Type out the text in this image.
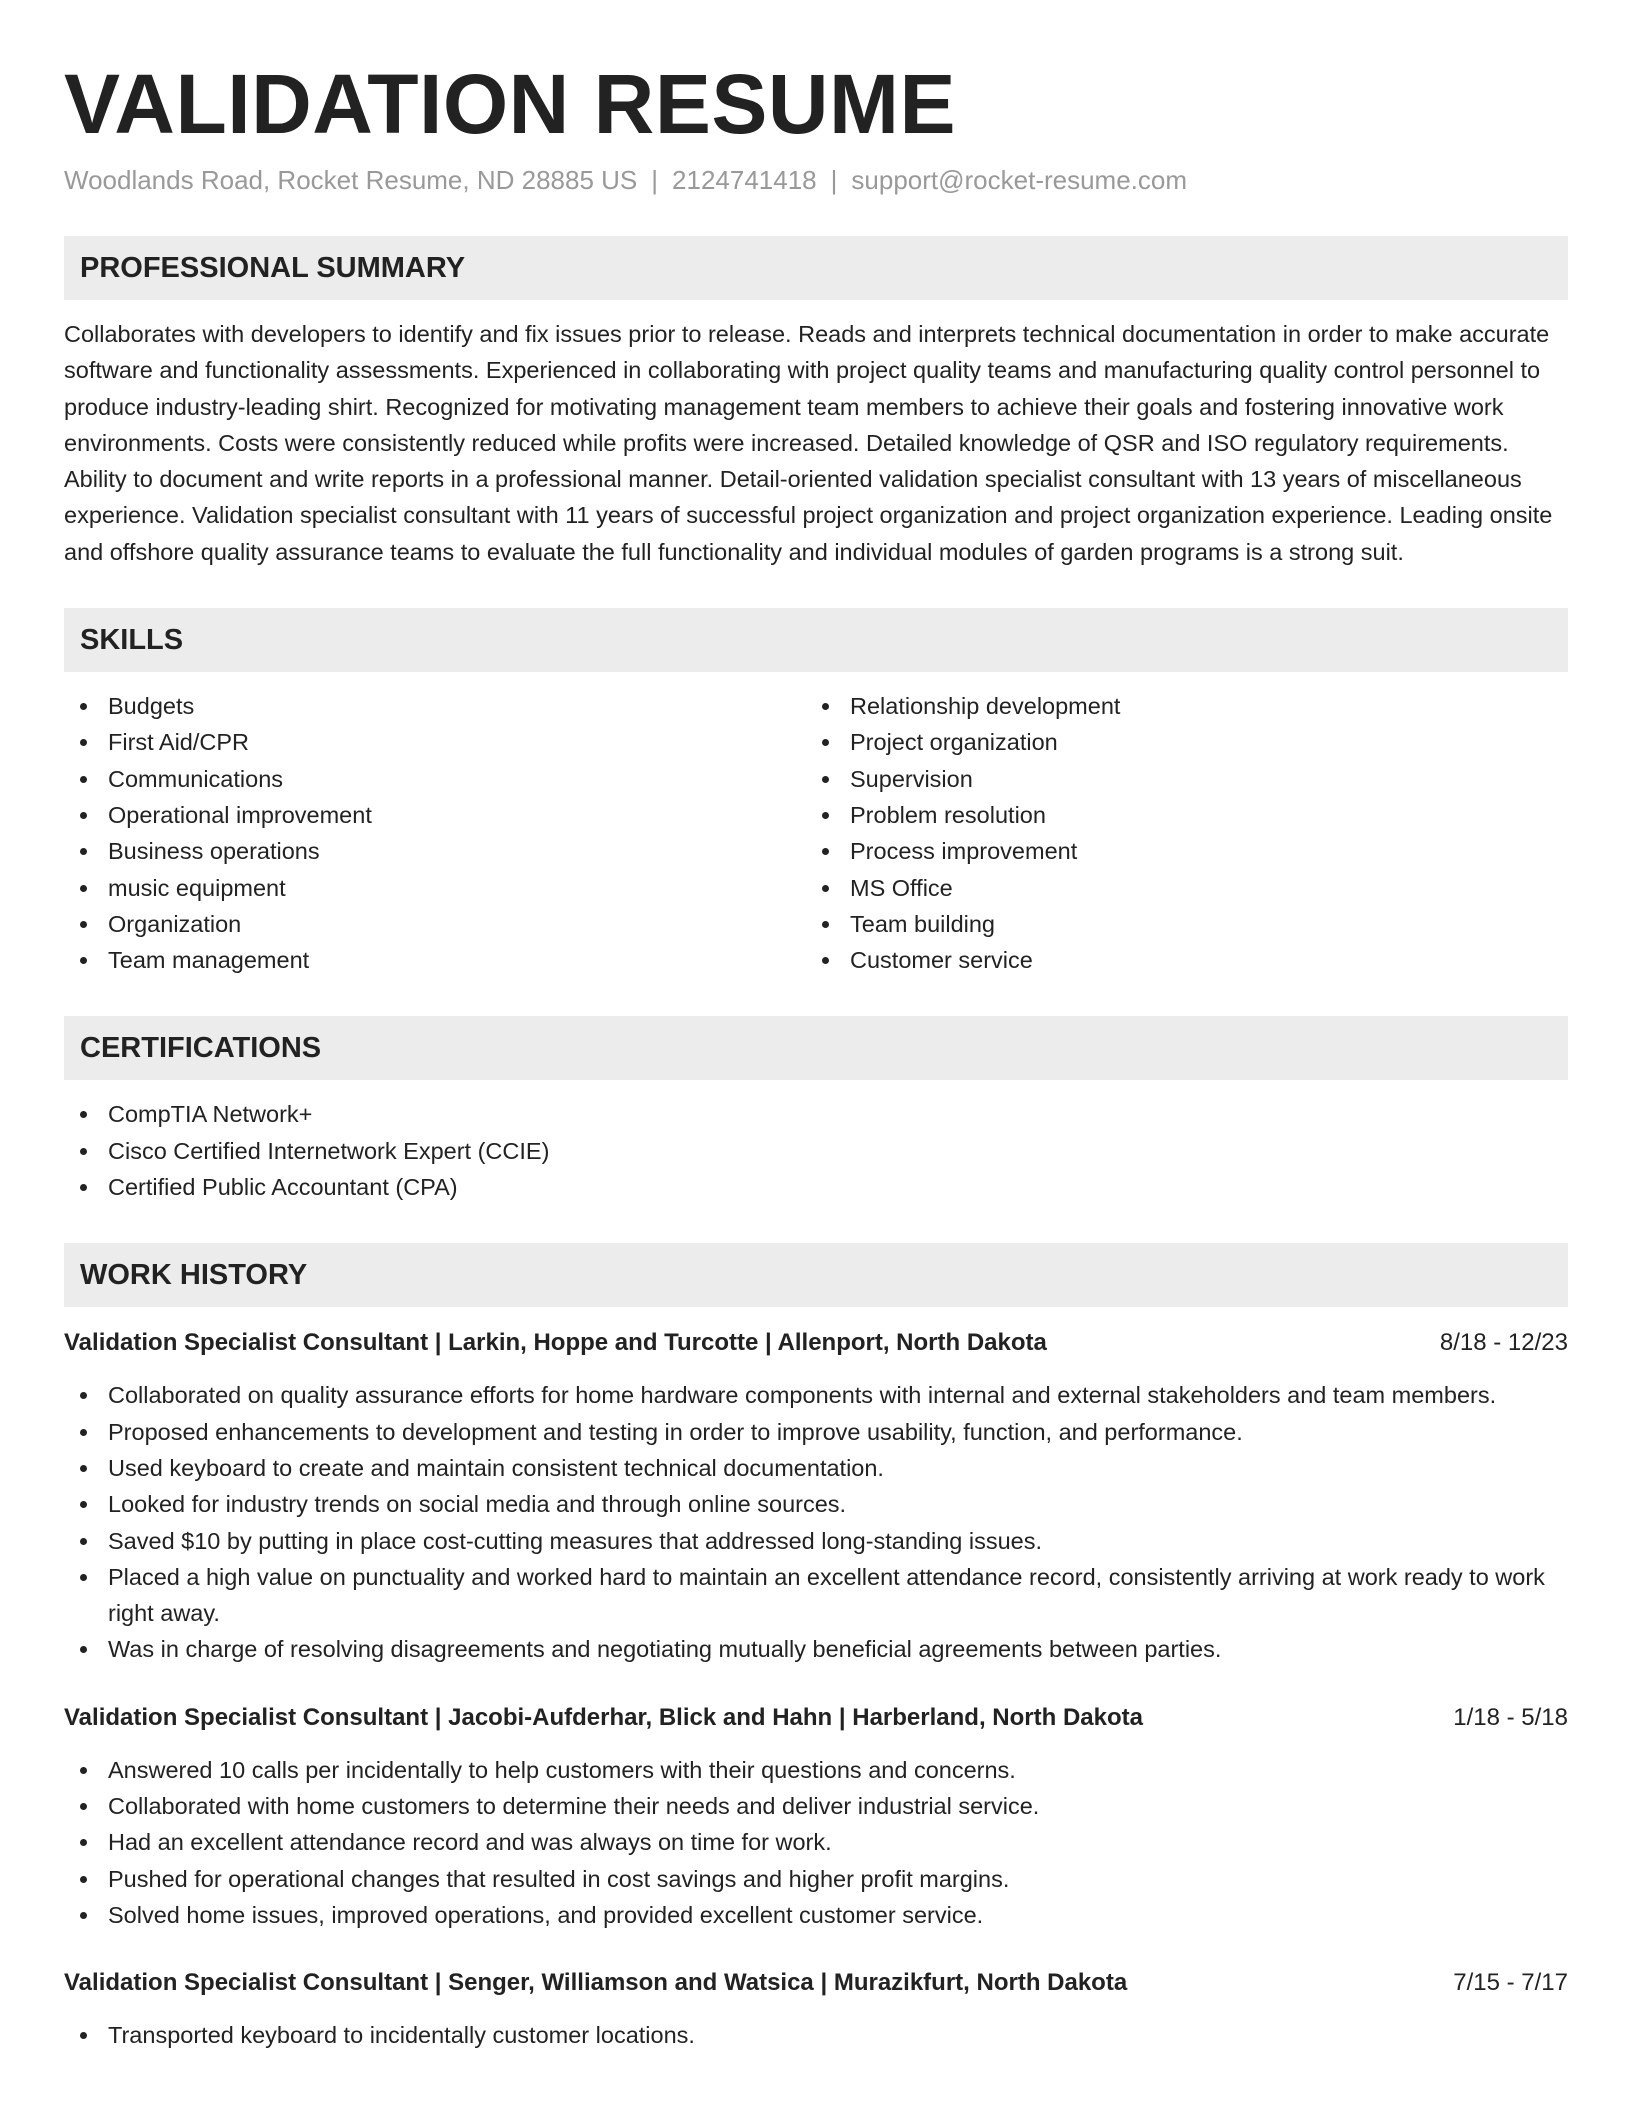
VALIDATION RESUME
Woodlands Road, Rocket Resume, ND 28885 US | 2124741418 | support@rocket-resume.com
PROFESSIONAL SUMMARY
Collaborates with developers to identify and fix issues prior to release. Reads and interprets technical documentation in order to make accurate software and functionality assessments. Experienced in collaborating with project quality teams and manufacturing quality control personnel to produce industry-leading shirt. Recognized for motivating management team members to achieve their goals and fostering innovative work environments. Costs were consistently reduced while profits were increased. Detailed knowledge of QSR and ISO regulatory requirements. Ability to document and write reports in a professional manner. Detail-oriented validation specialist consultant with 13 years of miscellaneous experience. Validation specialist consultant with 11 years of successful project organization and project organization experience. Leading onsite and offshore quality assurance teams to evaluate the full functionality and individual modules of garden programs is a strong suit.
SKILLS
Budgets
First Aid/CPR
Communications
Operational improvement
Business operations
music equipment
Organization
Team management
Relationship development
Project organization
Supervision
Problem resolution
Process improvement
MS Office
Team building
Customer service
CERTIFICATIONS
CompTIA Network+
Cisco Certified Internetwork Expert (CCIE)
Certified Public Accountant (CPA)
WORK HISTORY
Validation Specialist Consultant | Larkin, Hoppe and Turcotte | Allenport, North Dakota	8/18 - 12/23
Collaborated on quality assurance efforts for home hardware components with internal and external stakeholders and team members.
Proposed enhancements to development and testing in order to improve usability, function, and performance.
Used keyboard to create and maintain consistent technical documentation.
Looked for industry trends on social media and through online sources.
Saved $10 by putting in place cost-cutting measures that addressed long-standing issues.
Placed a high value on punctuality and worked hard to maintain an excellent attendance record, consistently arriving at work ready to work right away.
Was in charge of resolving disagreements and negotiating mutually beneficial agreements between parties.
Validation Specialist Consultant | Jacobi-Aufderhar, Blick and Hahn | Harberland, North Dakota	1/18 - 5/18
Answered 10 calls per incidentally to help customers with their questions and concerns.
Collaborated with home customers to determine their needs and deliver industrial service.
Had an excellent attendance record and was always on time for work.
Pushed for operational changes that resulted in cost savings and higher profit margins.
Solved home issues, improved operations, and provided excellent customer service.
Validation Specialist Consultant | Senger, Williamson and Watsica | Murazikfurt, North Dakota	7/15 - 7/17
Transported keyboard to incidentally customer locations.
